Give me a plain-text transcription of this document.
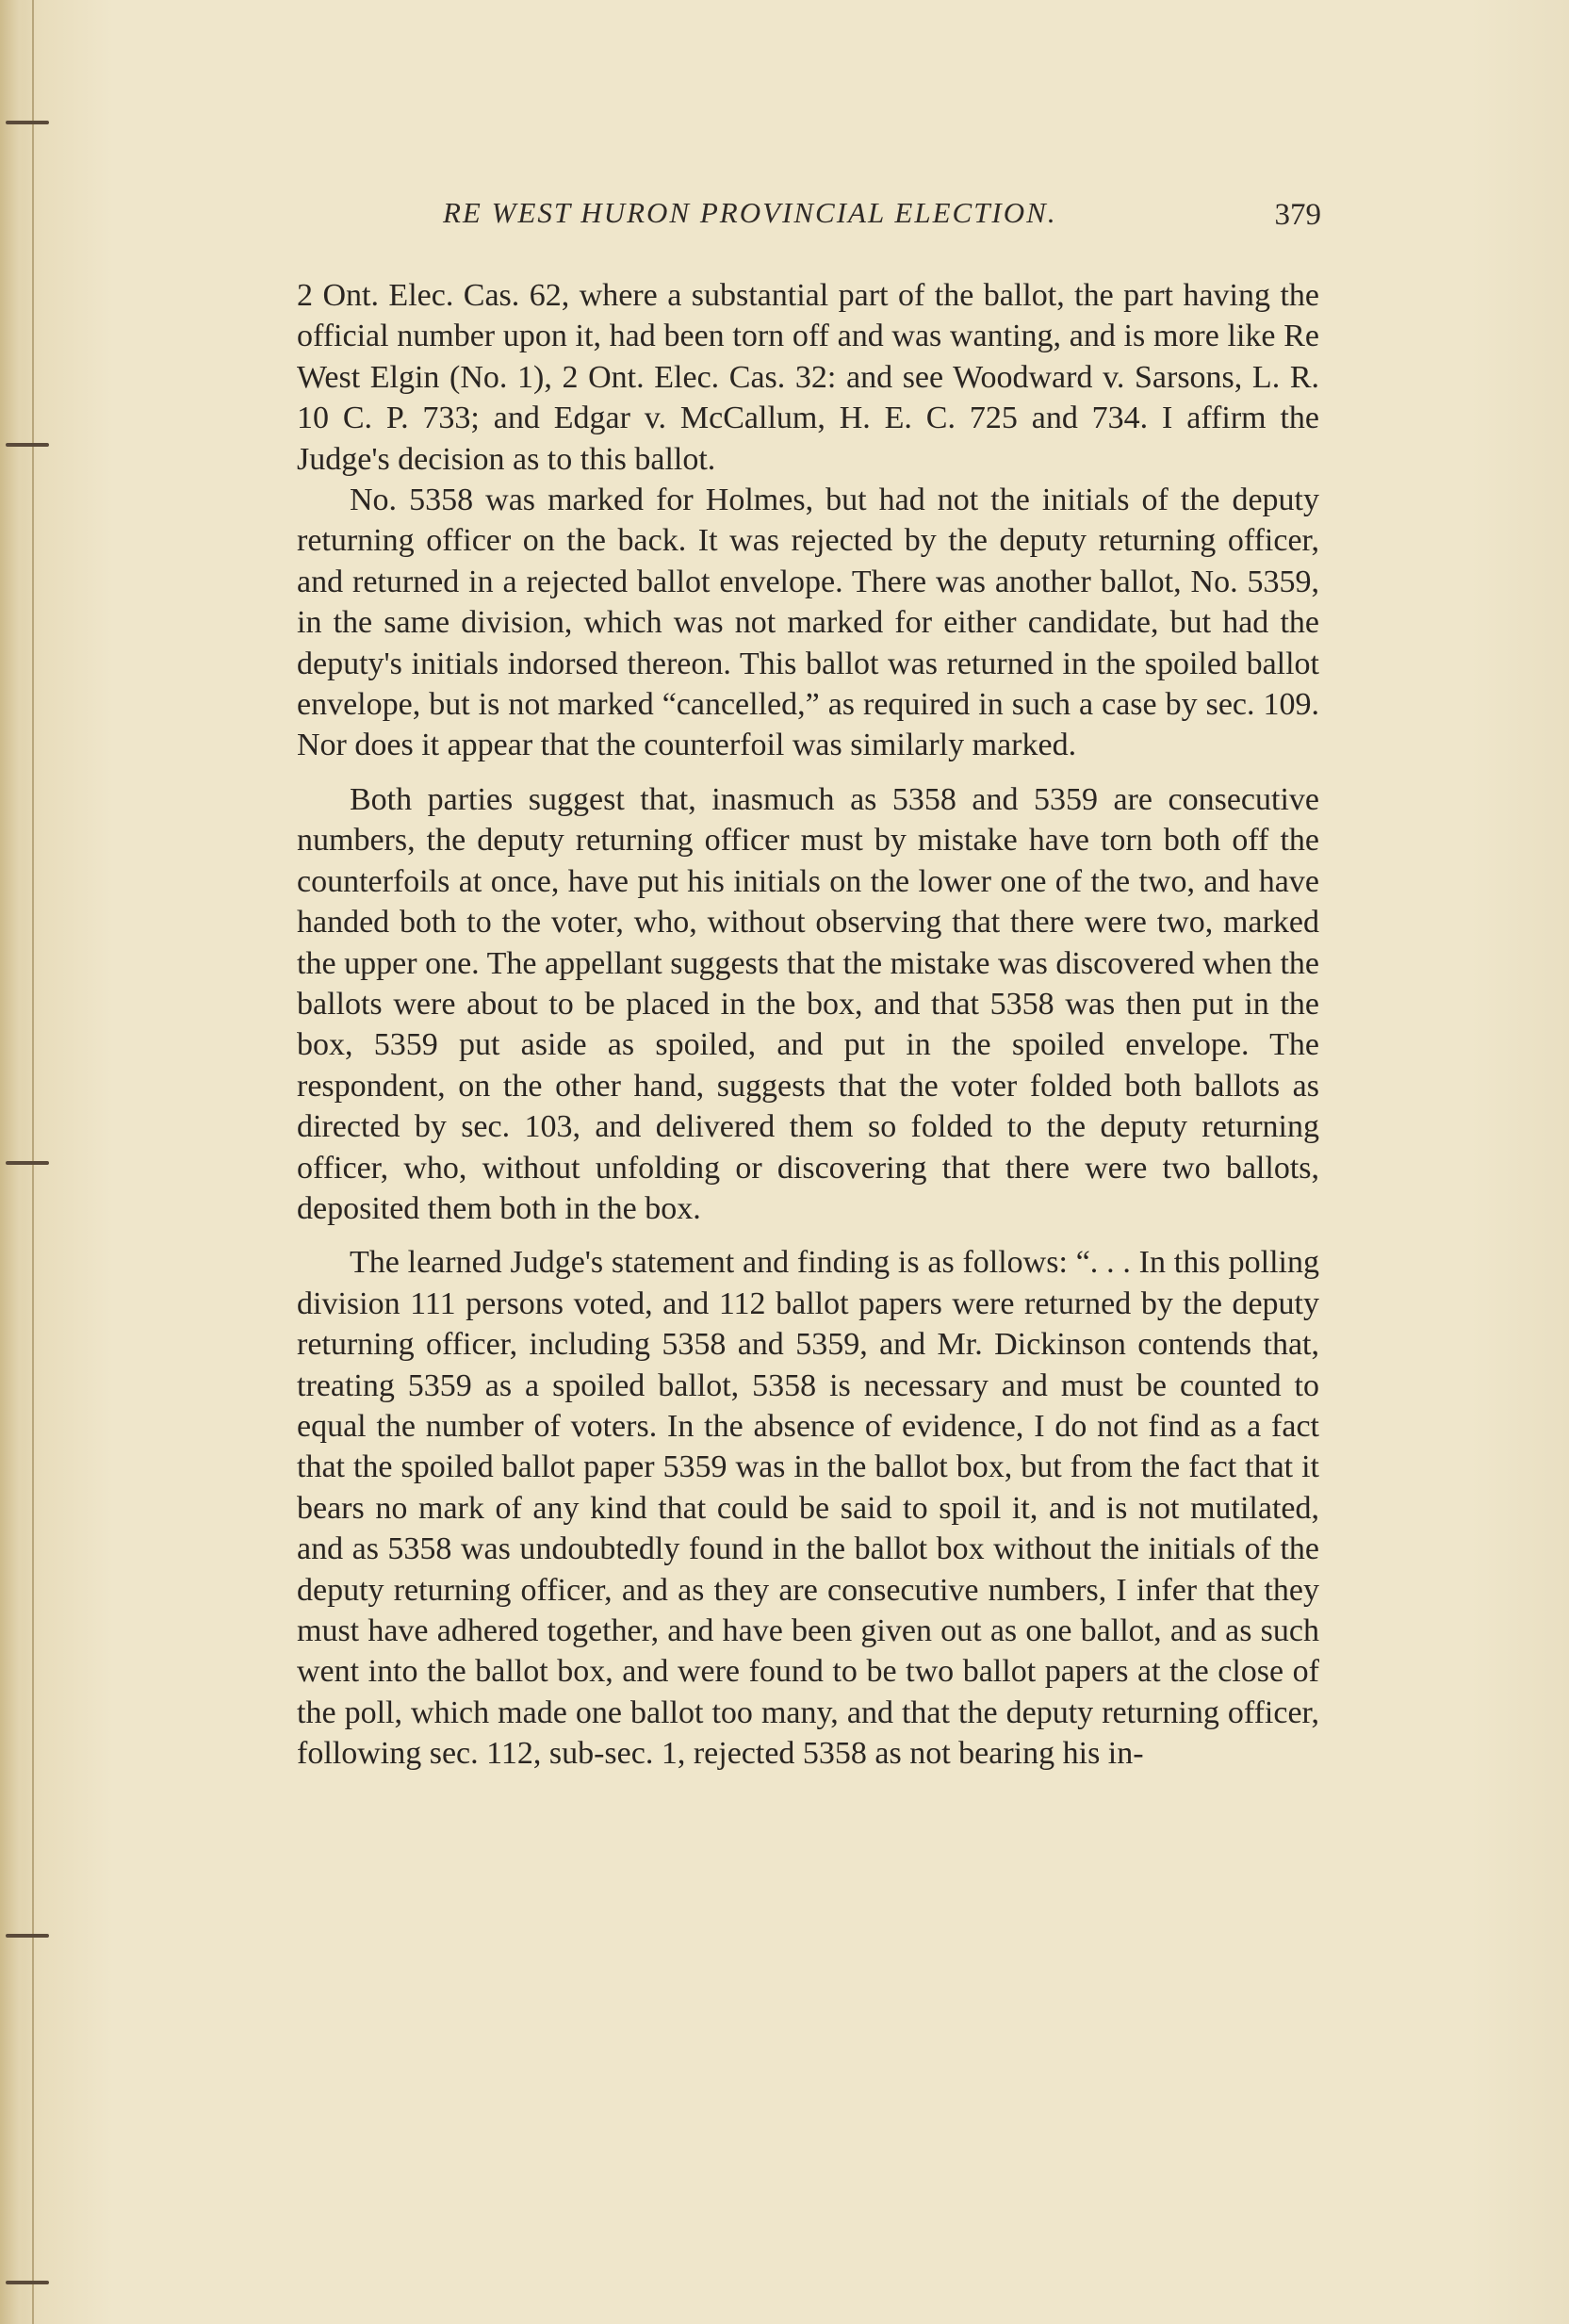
RE WEST HURON PROVINCIAL ELECTION.	379

2 Ont. Elec. Cas. 62, where a substantial part of the ballot, the part having the official number upon it, had been torn off and was wanting, and is more like Re West Elgin (No. 1), 2 Ont. Elec. Cas. 32: and see Woodward v. Sarsons, L. R. 10 C. P. 733; and Edgar v. McCallum, H. E. C. 725 and 734. I affirm the Judge's decision as to this ballot.

No. 5358 was marked for Holmes, but had not the initials of the deputy returning officer on the back. It was rejected by the deputy returning officer, and returned in a rejected ballot envelope. There was another ballot, No. 5359, in the same division, which was not marked for either candidate, but had the deputy's initials indorsed thereon. This ballot was returned in the spoiled ballot envelope, but is not marked “cancelled,” as required in such a case by sec. 109. Nor does it appear that the counterfoil was similarly marked.

Both parties suggest that, inasmuch as 5358 and 5359 are consecutive numbers, the deputy returning officer must by mistake have torn both off the counterfoils at once, have put his initials on the lower one of the two, and have handed both to the voter, who, without observing that there were two, marked the upper one. The appellant suggests that the mistake was discovered when the ballots were about to be placed in the box, and that 5358 was then put in the box, 5359 put aside as spoiled, and put in the spoiled envelope. The respondent, on the other hand, suggests that the voter folded both ballots as directed by sec. 103, and delivered them so folded to the deputy returning officer, who, without unfolding or discovering that there were two ballots, deposited them both in the box.

The learned Judge's statement and finding is as follows: “. . . In this polling division 111 persons voted, and 112 ballot papers were returned by the deputy returning officer, including 5358 and 5359, and Mr. Dickinson contends that, treating 5359 as a spoiled ballot, 5358 is necessary and must be counted to equal the number of voters. In the absence of evidence, I do not find as a fact that the spoiled ballot paper 5359 was in the ballot box, but from the fact that it bears no mark of any kind that could be said to spoil it, and is not mutilated, and as 5358 was undoubtedly found in the ballot box without the initials of the deputy returning officer, and as they are consecutive numbers, I infer that they must have adhered together, and have been given out as one ballot, and as such went into the ballot box, and were found to be two ballot papers at the close of the poll, which made one ballot too many, and that the deputy returning officer, following sec. 112, sub-sec. 1, rejected 5358 as not bearing his in-
